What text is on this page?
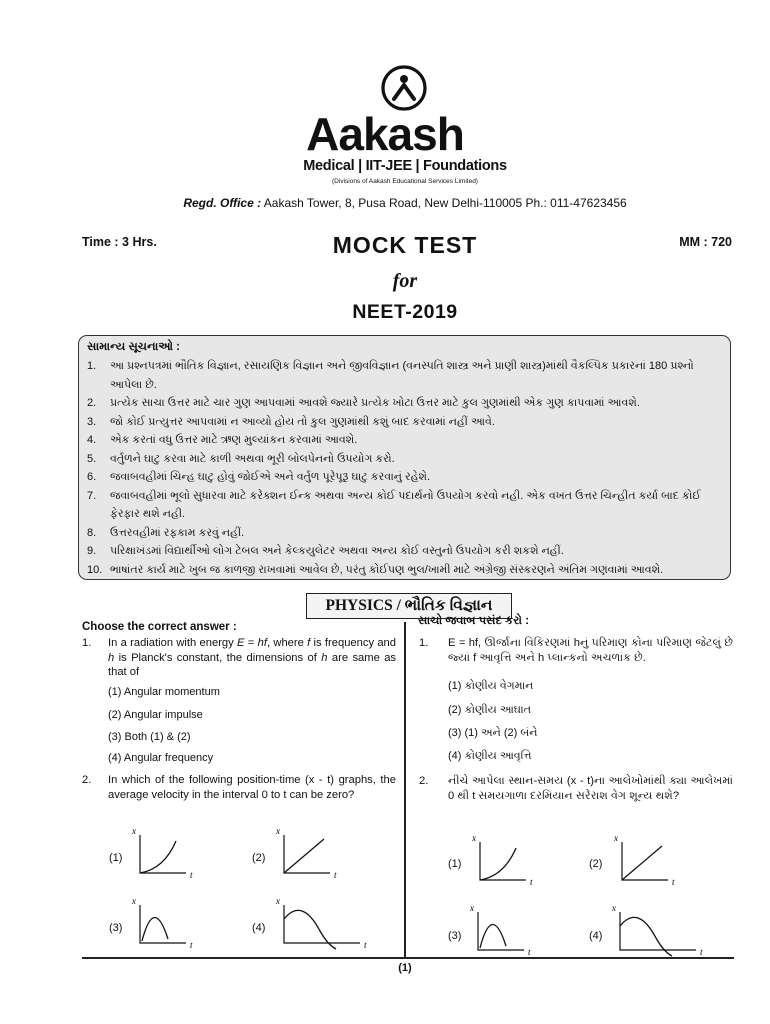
Aakash
Medical | IIT-JEE | Foundations
(Divisions of Aakash Educational Services Limited)
Regd. Office : Aakash Tower, 8, Pusa Road, New Delhi-110005 Ph.: 011-47623456
Time : 3 Hrs.	MM : 720
MOCK TEST
for
NEET-2019
સામાન્ય સૂચનાઓ :
1.	આ પ્રશ્નપત્રમાં ભૌતિક વિજ્ઞાન, રસાયણિક વિજ્ઞાન અને જીવવિજ્ઞાન (વનસ્પતિ શાસ્ત્ર અને પ્રાણી શાસ્ત્ર)માંથી વૈકલ્પિક પ્રકારનાં 180 પ્રશ્નો આપેલા છે.
2.	પ્રત્યેક સાચા ઉત્તર માટે ચાર ગુણ આપવામાં આવશે જ્યારે પ્રત્યેક ખોટા ઉત્તર માટે કુલ ગુણમાંથી એક ગુણ કાપવામાં આવશે.
3.	જો કોઈ પ્રત્યુત્તર આપવામાં ન આવ્યો હોય તો કુલ ગુણમાંથી કશું બાદ કરવામાં નહીં આવે.
4.	એક કરતાં વધુ ઉત્તર માટે ઋણ મુલ્યાંકન કરવામાં આવશે.
5.	વર્તુળને ઘાટુ કરવા માટે કાળી અથવા ભૂરી બોલપેનનો ઉપયોગ કરો.
6.	જવાબવહીમાં ચિન્હ ઘાટુ હોવું જોઈએ અને વર્તુળ પૂરેપૂરૂ ઘાટુ કરવાનું રહેશે.
7.	જવાબવહીમાં ભૂલો સુધારવા માટે કરેક્શન ઈન્ક અથવા અન્ય કોઈ પદાર્થનો ઉપયોગ કરવો નહી. એક વખત ઉત્તર ચિન્હીત કર્યા બાદ કોઈ ફેરફાર થશે નહી.
8.	ઉત્તરવહીમાં રફકામ કરવું નહીં.
9.	પરિક્ષાખંડમાં વિદ્યાર્થીઓ લોગ ટેબલ અને કેલ્કયુલેટર અથવા અન્ય કોઈ વસ્તુનો ઉપયોગ કરી શકશે નહીં.
10. ભાષાંતર કાર્ય માટે ખુબ જ કાળજી રાખવામાં આવેલ છે, પરંતુ કોઈપણ ભુલ/ખામી માટે અંગ્રેજી સંસ્કરણને અંતિમ ગણવામાં આવશે.
PHYSICS / ભૌતિક વિજ્ઞાન
Choose the correct answer :
1. In a radiation with energy E = hf, where f is frequency and h is Planck's constant, the dimensions of h are same as that of
(1) Angular momentum
(2) Angular impulse
(3) Both (1) & (2)
(4) Angular frequency
2. In which of the following position-time (x - t) graphs, the average velocity in the interval 0 to t can be zero?
(1)
x
t
(2)
x
t
(3)
x
t
(4)
x
t
સાચો જવાબ પસંદ કરો :
1. E = hf, ઊર્જાના વિકિરણમાં hનું પરિમાણ કોના પરિમાણ જેટલું છે જ્યાં f આવૃત્તિ અને h પ્લાન્કનો અચળાંક છે.
(1) કોણીય વેગમાન
(2) કોણીય આઘાત
(3) (1) અને (2) બંને
(4) કોણીય આવૃત્તિ
2. નીચે આપેલા સ્થાન-સમય (x - t)ના આલેખોમાંથી ક્યા આલેખમાં 0 થી t સમયગાળા દરમિયાન સરેરાશ વેગ શૂન્ય થશે?
(1)
x
t
(2)
x
t
(3)
x
t
(4)
x
t
(1)
